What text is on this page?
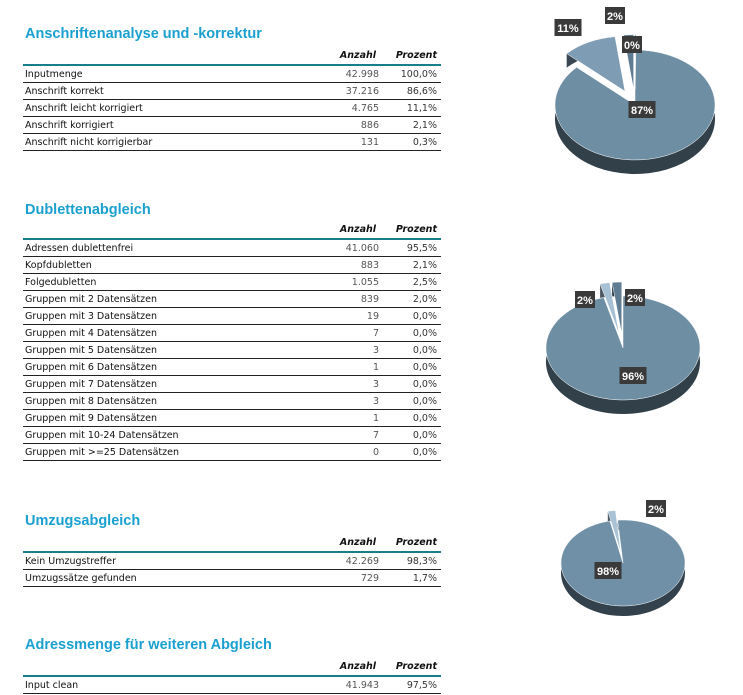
Anschriftenanalyse und -korrektur
Anzahl Prozent
Inputmenge	42.998 100,0%
Anschrift korrekt	37.216	86,6%
Anschrift leicht korrigiert	4.765	11,1%
Anschrift korrigiert	886	2,1%
Anschrift nicht korrigierbar	131	0,3%
Dublettenabgleich
Anzahl Prozent
Adressen dublettenfrei	41.060	95,5%
Kopfdubletten	883	2,1%
Folgedubletten	1.055	2,5%
Gruppen mit 2 Datensätzen	839	2,0%
Gruppen mit 3 Datensätzen	19	0,0%
Gruppen mit 4 Datensätzen	7	0,0%
Gruppen mit 5 Datensätzen	3	0,0%
Gruppen mit 6 Datensätzen	1	0,0%
Gruppen mit 7 Datensätzen	3	0,0%
Gruppen mit 8 Datensätzen	3	0,0%
Gruppen mit 9 Datensätzen	1	0,0%
Gruppen mit 10-24 Datensätzen	7	0,0%
Gruppen mit >=25 Datensätzen	0	0,0%
Umzugsabgleich
Anzahl Prozent
Kein Umzugstreffer	42.269	98,3%
Umzugssätze gefunden	729	1,7%
Adressmenge für weiteren Abgleich
Anzahl Prozent
Input clean	41.943	97,5%
87%
11%
2%
0%
96%
2%	2%
98%
2%
